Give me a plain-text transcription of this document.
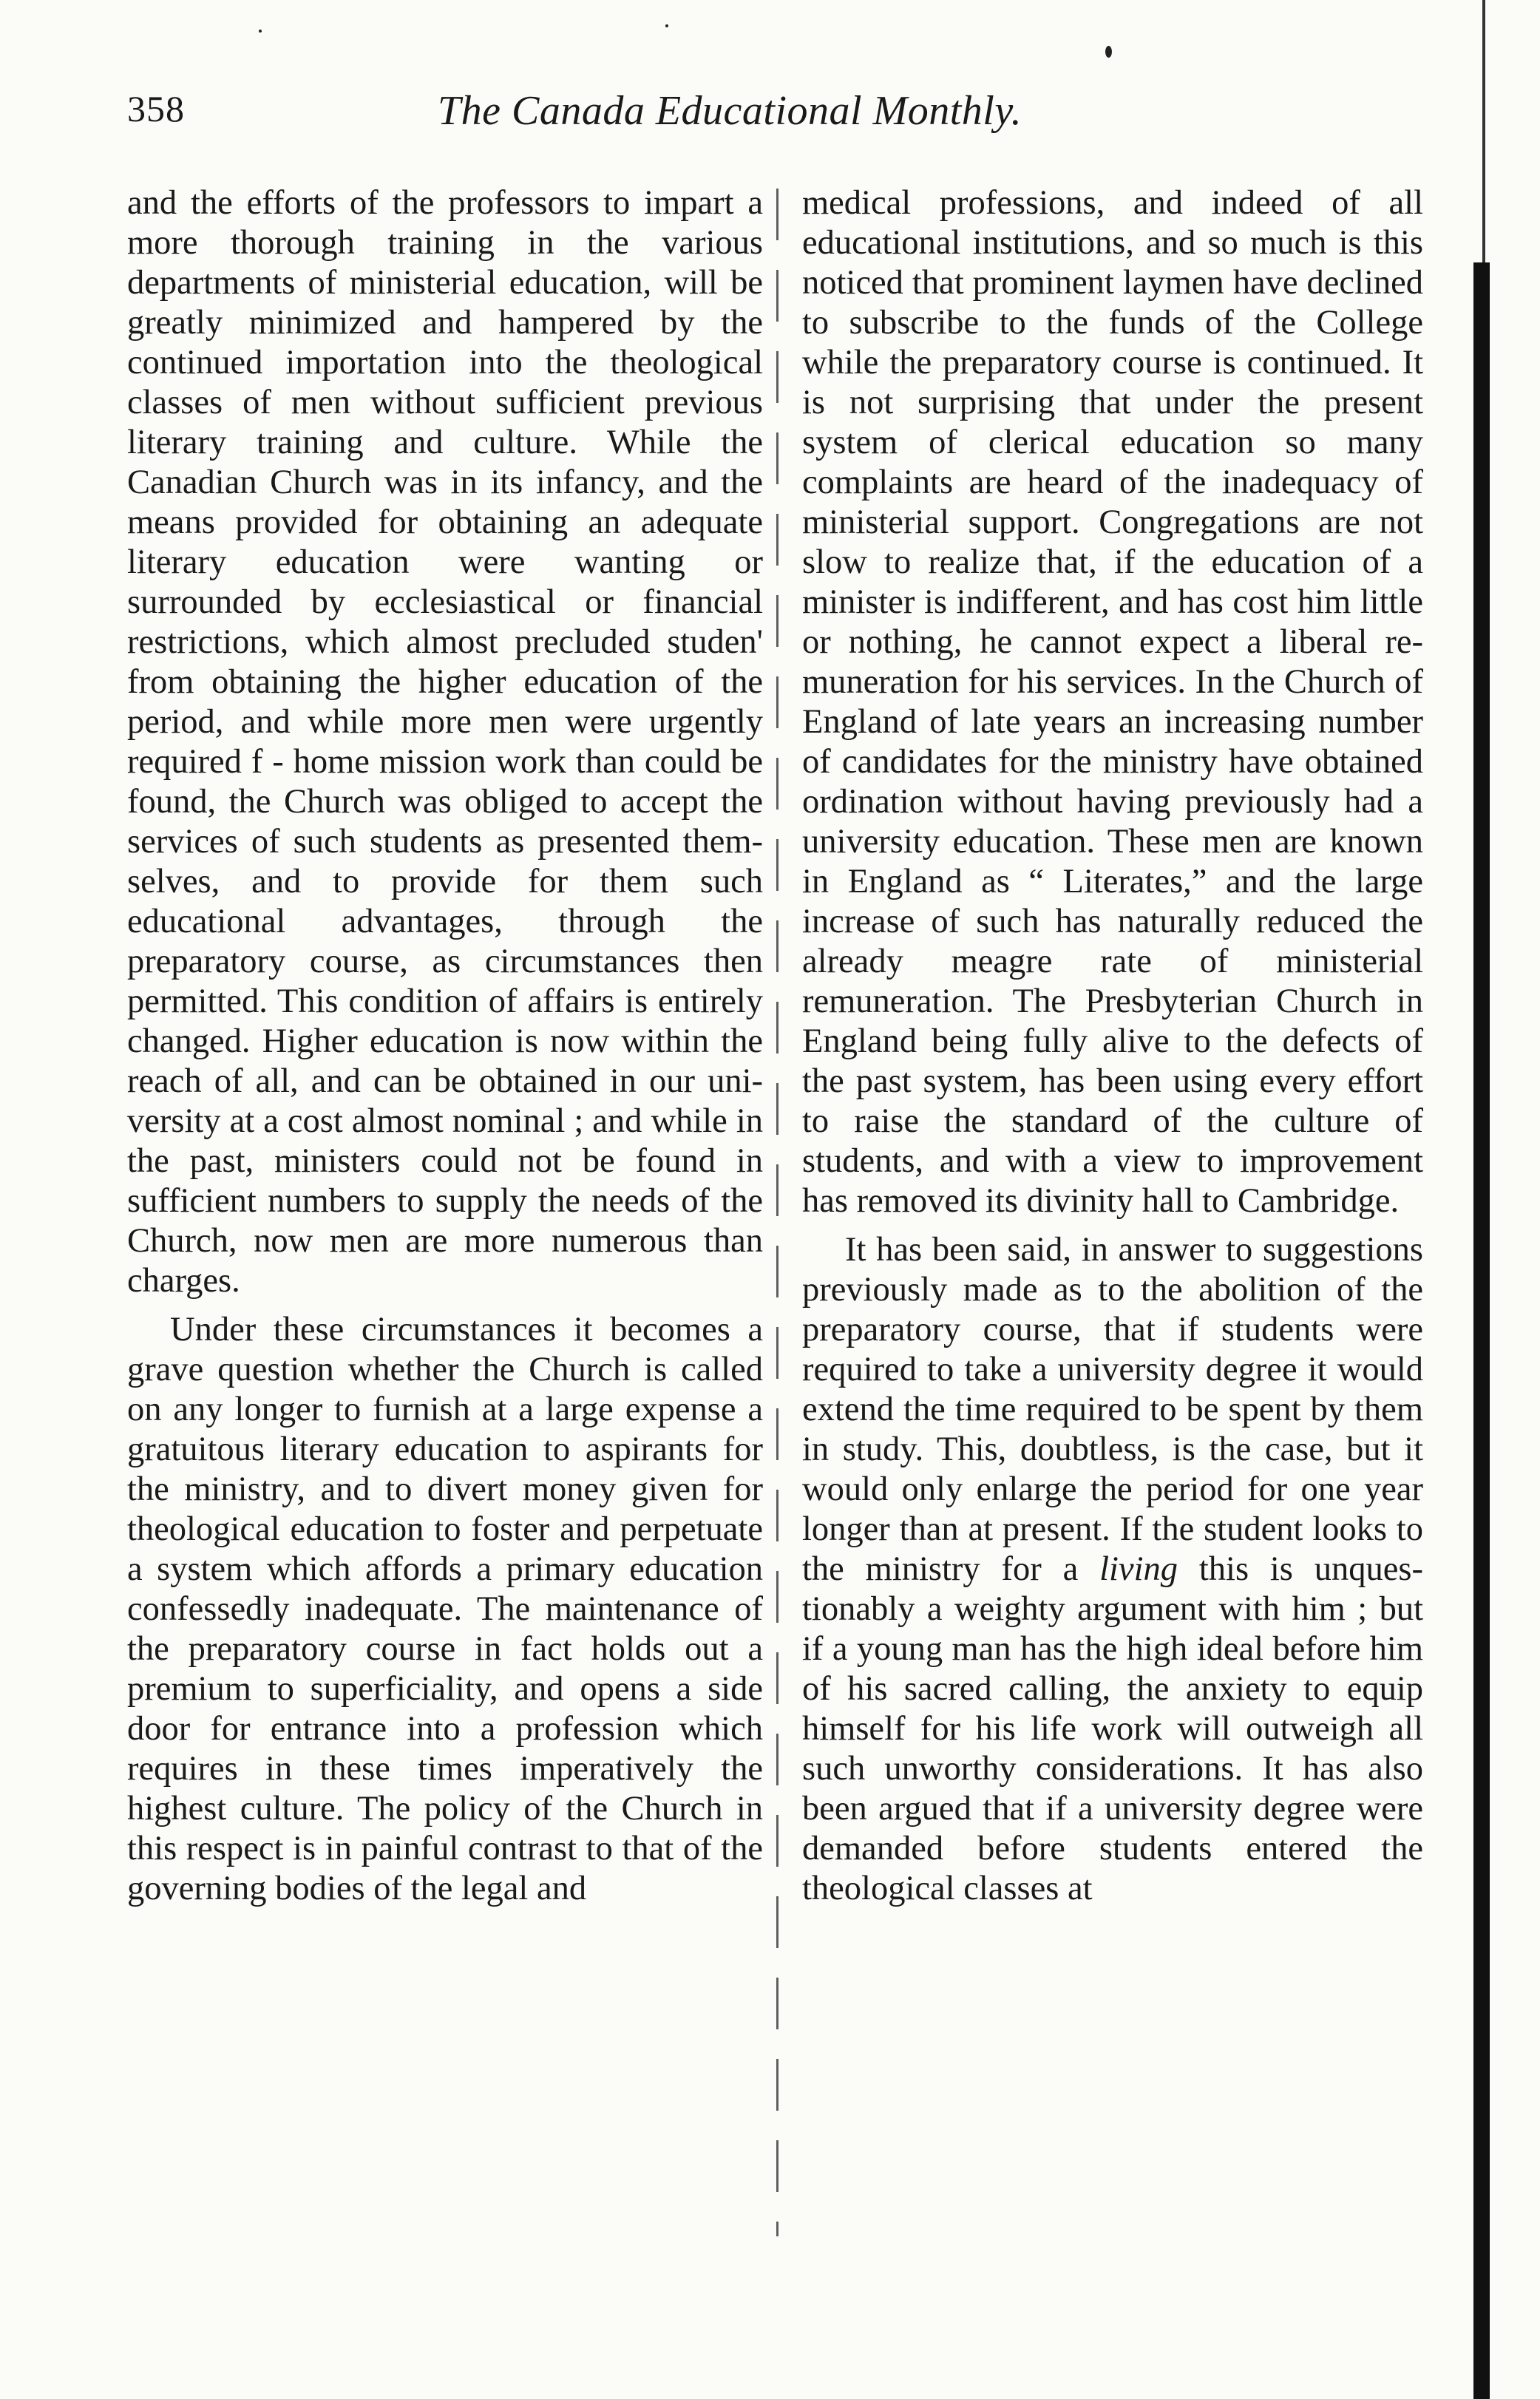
358	The Canada Educational Monthly.

and the efforts of the professors to impart a more thorough training in the various departments of ministerial education, will be greatly minimized and hampered by the continued importation into the theological classes of men without sufficient previous literary training and culture. While the Canadian Church was in its infancy, and the means provided for obtaining an adequate literary education were wanting or surrounded by ecclesiastical or financial restrictions, which almost precluded studen' from obtaining the higher education of the period, and while more men were urgently required f ‐ home mission work than could be found, the Church was obliged to accept the services of such students as presented themselves, and to provide for them such educational advantages, through the preparatory course, as circumstances then permitted. This condition of affairs is entirely changed. Higher education is now within the reach of all, and can be obtained in our university at a cost almost nominal ; and while in the past, ministers could not be found in sufficient numbers to supply the needs of the Church, now men are more numerous than charges.

Under these circumstances it becomes a grave question whether the Church is called on any longer to furnish at a large expense a gratuitous literary education to aspirants for the ministry, and to divert money given for theological education to foster and perpetuate a system which affords a primary education confessedly inadequate. The maintenance of the preparatory course in fact holds out a premium to superficiality, and opens a side door for entrance into a profession which requires in these times imperatively the highest culture. The policy of the Church in this respect is in painful contrast to that of the governing bodies of the legal and

medical professions, and indeed of all educational institutions, and so much is this noticed that prominent laymen have declined to subscribe to the funds of the College while the preparatory course is continued. It is not surprising that under the present system of clerical education so many complaints are heard of the inadequacy of ministerial support. Congregations are not slow to realize that, if the education of a minister is indifferent, and has cost him little or nothing, he cannot expect a liberal remuneration for his services. In the Church of England of late years an increasing number of candidates for the ministry have obtained ordination without having previously had a university education. These men are known in England as “ Literates,” and the large increase of such has naturally reduced the already meagre rate of ministerial remuneration. The Presbyterian Church in England being fully alive to the defects of the past system, has been using every effort to raise the standard of the culture of students, and with a view to improvement has removed its divinity hall to Cambridge.

It has been said, in answer to suggestions previously made as to the abolition of the preparatory course, that if students were required to take a university degree it would extend the time required to be spent by them in study. This, doubtless, is the case, but it would only enlarge the period for one year longer than at present. If the student looks to the ministry for a living this is unquestionably a weighty argument with him ; but if a young man has the high ideal before him of his sacred calling, the anxiety to equip himself for his life work will outweigh all such unworthy considerations. It has also been argued that if a university degree were demanded before students entered the theological classes at
